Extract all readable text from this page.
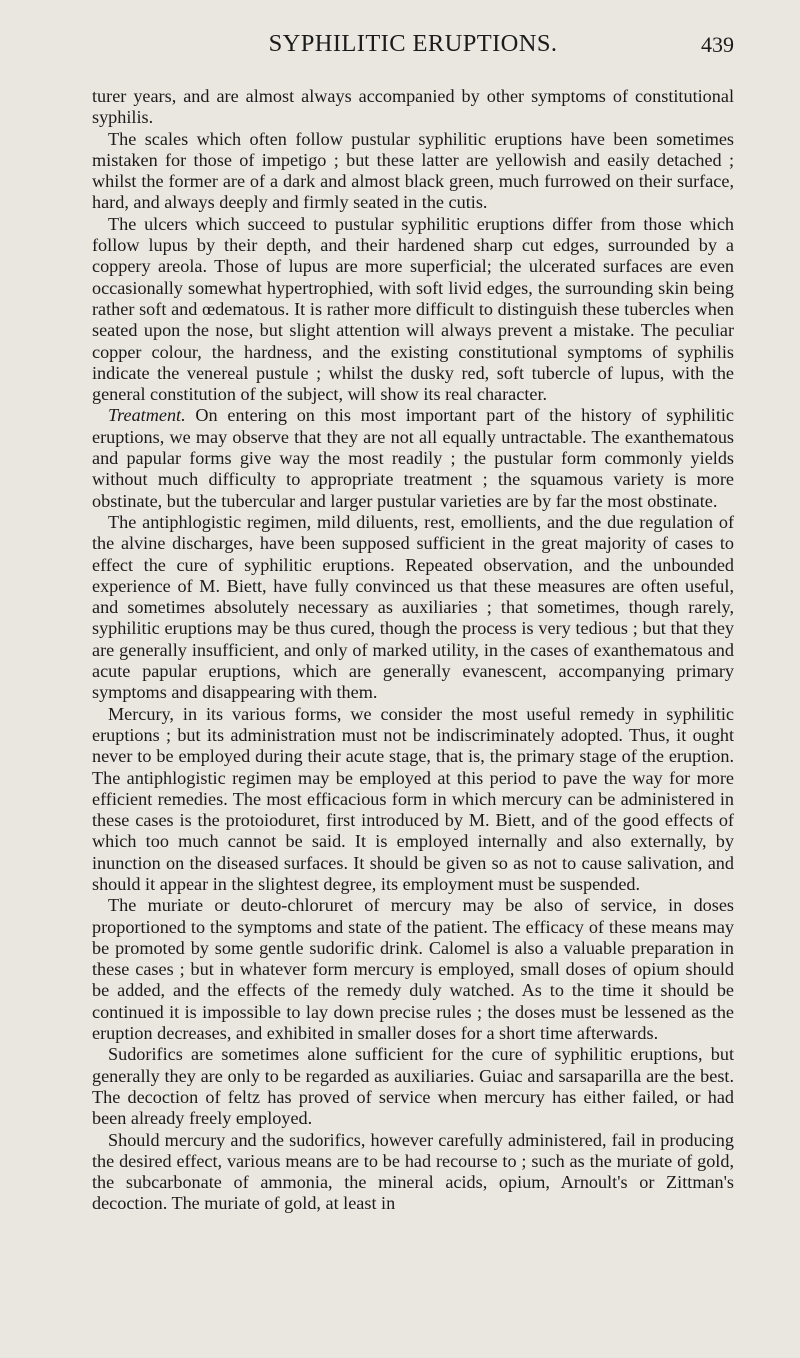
SYPHILITIC ERUPTIONS.	439

turer years, and are almost always accompanied by other symptoms of constitutional syphilis.

The scales which often follow pustular syphilitic eruptions have been sometimes mistaken for those of impetigo ; but these latter are yellowish and easily detached ; whilst the former are of a dark and almost black green, much furrowed on their surface, hard, and always deeply and firmly seated in the cutis.

The ulcers which succeed to pustular syphilitic eruptions differ from those which follow lupus by their depth, and their hardened sharp cut edges, surrounded by a coppery areola. Those of lupus are more superficial; the ulcerated surfaces are even occasionally somewhat hypertrophied, with soft livid edges, the surrounding skin being rather soft and œdematous. It is rather more difficult to distinguish these tubercles when seated upon the nose, but slight attention will always prevent a mistake. The peculiar copper colour, the hardness, and the existing constitutional symptoms of syphilis indicate the venereal pustule ; whilst the dusky red, soft tubercle of lupus, with the general constitution of the subject, will show its real character.

Treatment. On entering on this most important part of the history of syphilitic eruptions, we may observe that they are not all equally untractable. The exanthematous and papular forms give way the most readily ; the pustular form commonly yields without much difficulty to appropriate treatment ; the squamous variety is more obstinate, but the tubercular and larger pustular varieties are by far the most obstinate.

The antiphlogistic regimen, mild diluents, rest, emollients, and the due regulation of the alvine discharges, have been supposed sufficient in the great majority of cases to effect the cure of syphilitic eruptions. Repeated observation, and the unbounded experience of M. Biett, have fully convinced us that these measures are often useful, and sometimes absolutely necessary as auxiliaries ; that sometimes, though rarely, syphilitic eruptions may be thus cured, though the process is very tedious ; but that they are generally insufficient, and only of marked utility, in the cases of exanthematous and acute papular eruptions, which are generally evanescent, accompanying primary symptoms and disappearing with them.

Mercury, in its various forms, we consider the most useful remedy in syphilitic eruptions ; but its administration must not be indiscriminately adopted. Thus, it ought never to be employed during their acute stage, that is, the primary stage of the eruption. The antiphlogistic regimen may be employed at this period to pave the way for more efficient remedies. The most efficacious form in which mercury can be administered in these cases is the protoioduret, first introduced by M. Biett, and of the good effects of which too much cannot be said. It is employed internally and also externally, by inunction on the diseased surfaces. It should be given so as not to cause salivation, and should it appear in the slightest degree, its employment must be suspended.

The muriate or deuto-chloruret of mercury may be also of service, in doses proportioned to the symptoms and state of the patient. The efficacy of these means may be promoted by some gentle sudorific drink. Calomel is also a valuable preparation in these cases ; but in whatever form mercury is employed, small doses of opium should be added, and the effects of the remedy duly watched. As to the time it should be continued it is impossible to lay down precise rules ; the doses must be lessened as the eruption decreases, and exhibited in smaller doses for a short time afterwards.

Sudorifics are sometimes alone sufficient for the cure of syphilitic eruptions, but generally they are only to be regarded as auxiliaries. Guiac and sarsaparilla are the best. The decoction of feltz has proved of service when mercury has either failed, or had been already freely employed.

Should mercury and the sudorifics, however carefully administered, fail in producing the desired effect, various means are to be had recourse to ; such as the muriate of gold, the subcarbonate of ammonia, the mineral acids, opium, Arnoult's or Zittman's decoction. The muriate of gold, at least in
